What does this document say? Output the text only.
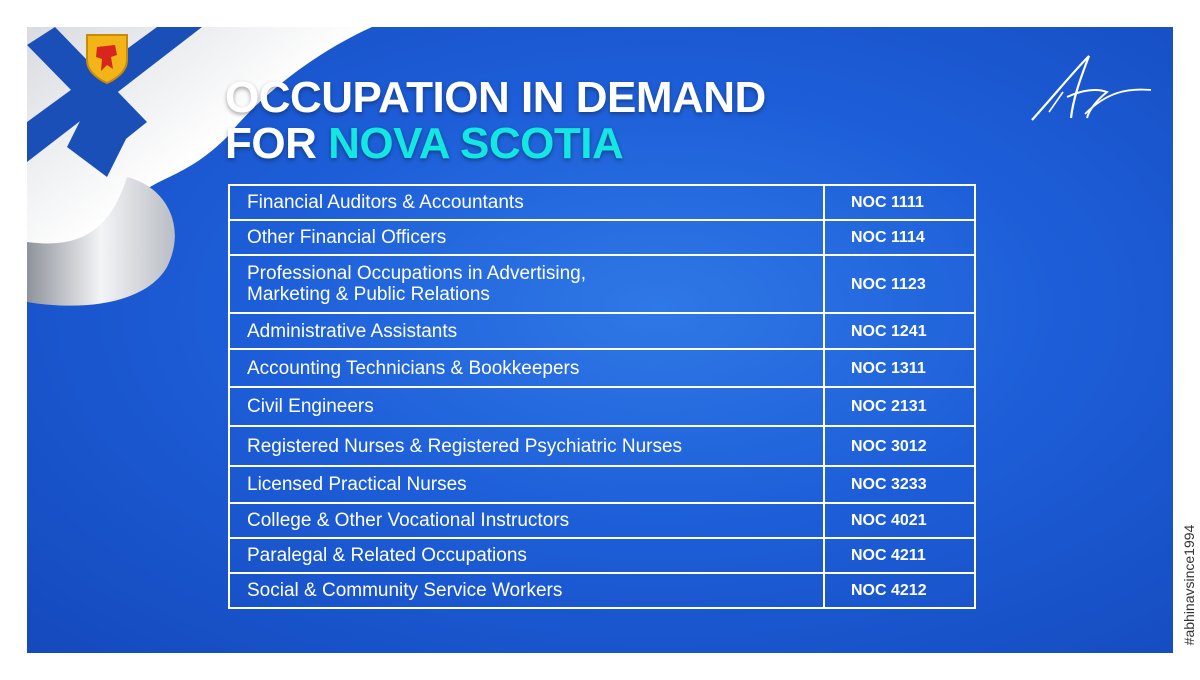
OCCUPATION IN DEMAND
FOR NOVA SCOTIA
Financial Auditors & Accountants	NOC 1111
Other Financial Officers	NOC 1114
Professional Occupations in Advertising, Marketing & Public Relations	NOC 1123
Administrative Assistants	NOC 1241
Accounting Technicians & Bookkeepers	NOC 1311
Civil Engineers	NOC 2131
Registered Nurses & Registered Psychiatric Nurses	NOC 3012
Licensed Practical Nurses	NOC 3233
College & Other Vocational Instructors	NOC 4021
Paralegal & Related Occupations	NOC 4211
Social & Community Service Workers	NOC 4212	#abhinavsince1994
